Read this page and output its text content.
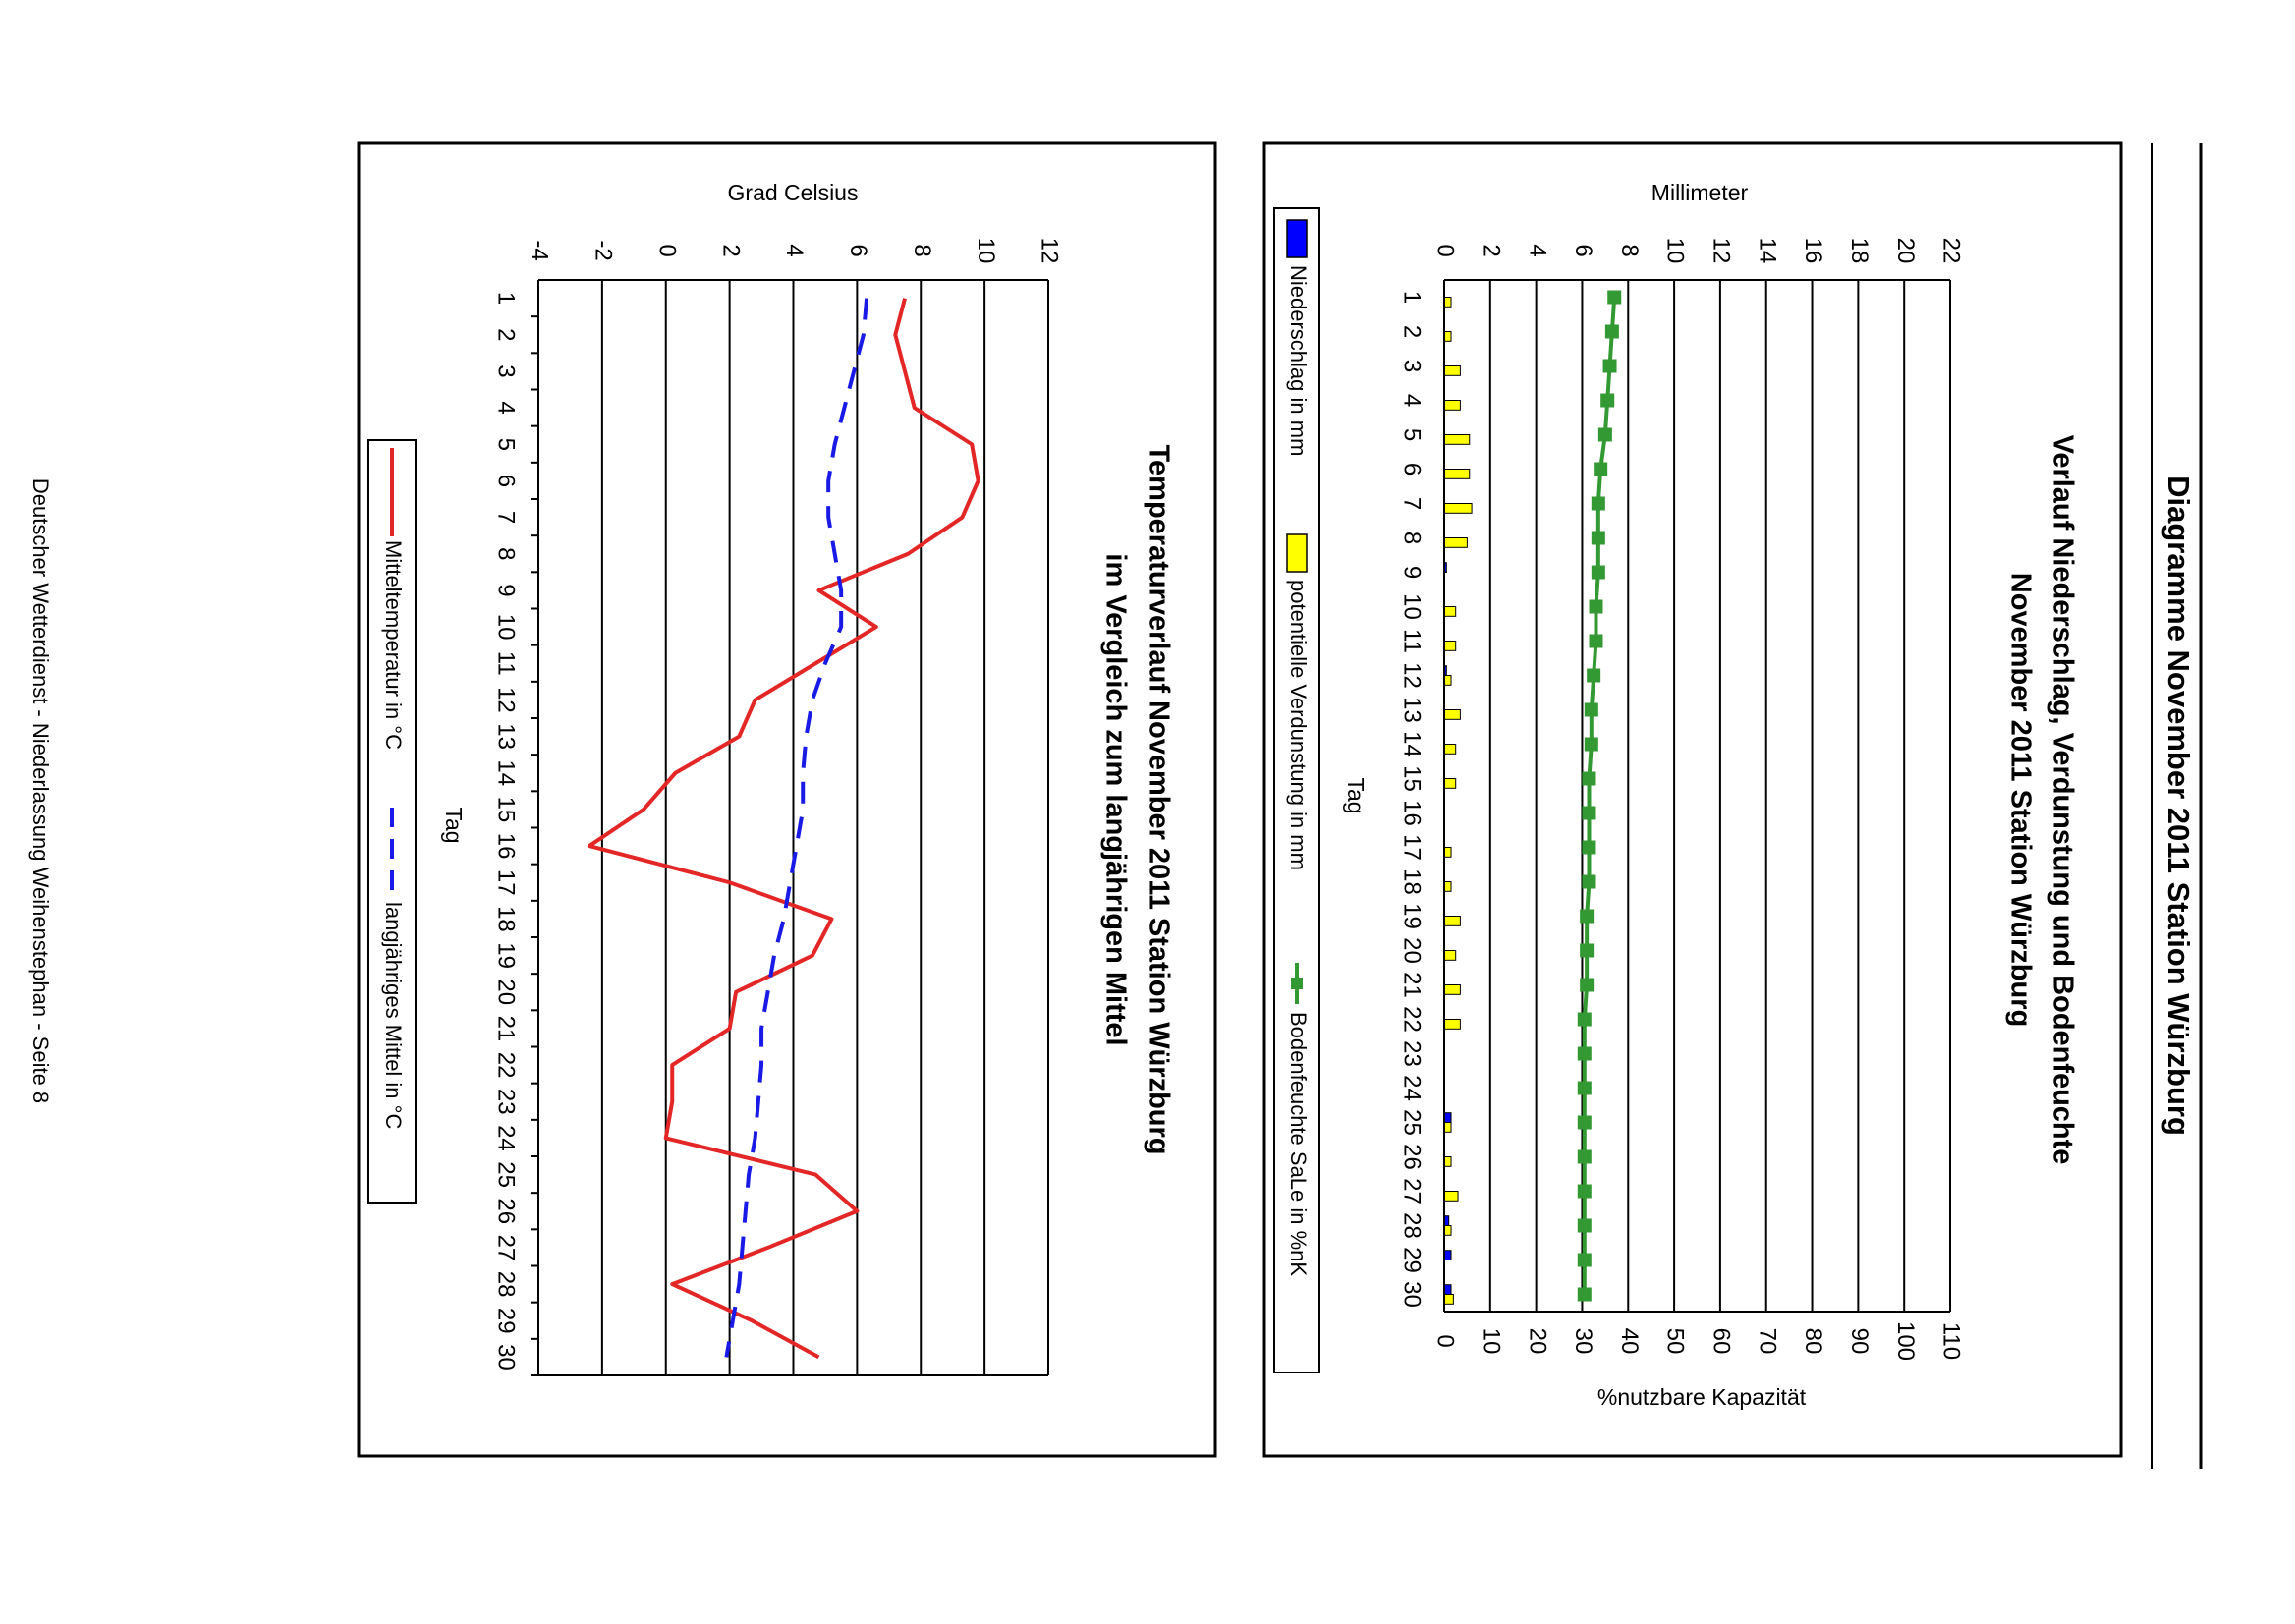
Diagramme November 2011 Station Würzburg
Verlauf Niederschlag, Verdunstung und Bodenfeuchte
November 2011 Station Würzburg
Millimeter
%nutzbare Kapazität
Tag
0 2 4 6 8 10 12 14 16 18 20 22
0 10 20 30 40 50 60 70 80 90 100 110
1
2
3
4
5
6
7
8
9
10
11
12
13
14
15
16
17
18
19
20
21
22
23
24
25
26
27
28
29
30
Niederschlag in mm
potentielle Verdunstung in mm
Bodenfeuchte SaLe in %nK
Temperaturverlauf November 2011 Station Würzburg
im Vergleich zum langjährigen Mittel
Grad Celsius
Tag
-4 -2 0 2 4 6 8 10 12
1
2
3
4
5
6
7
8
9
10
11
12
13
14
15
16
17
18
19
20
21
22
23
24
25
26
27
28
29
30
Mitteltemperatur in °C
langjähriges Mittel in °C
Deutscher Wetterdienst - Niederlassung Weihenstephan - Seite 8
